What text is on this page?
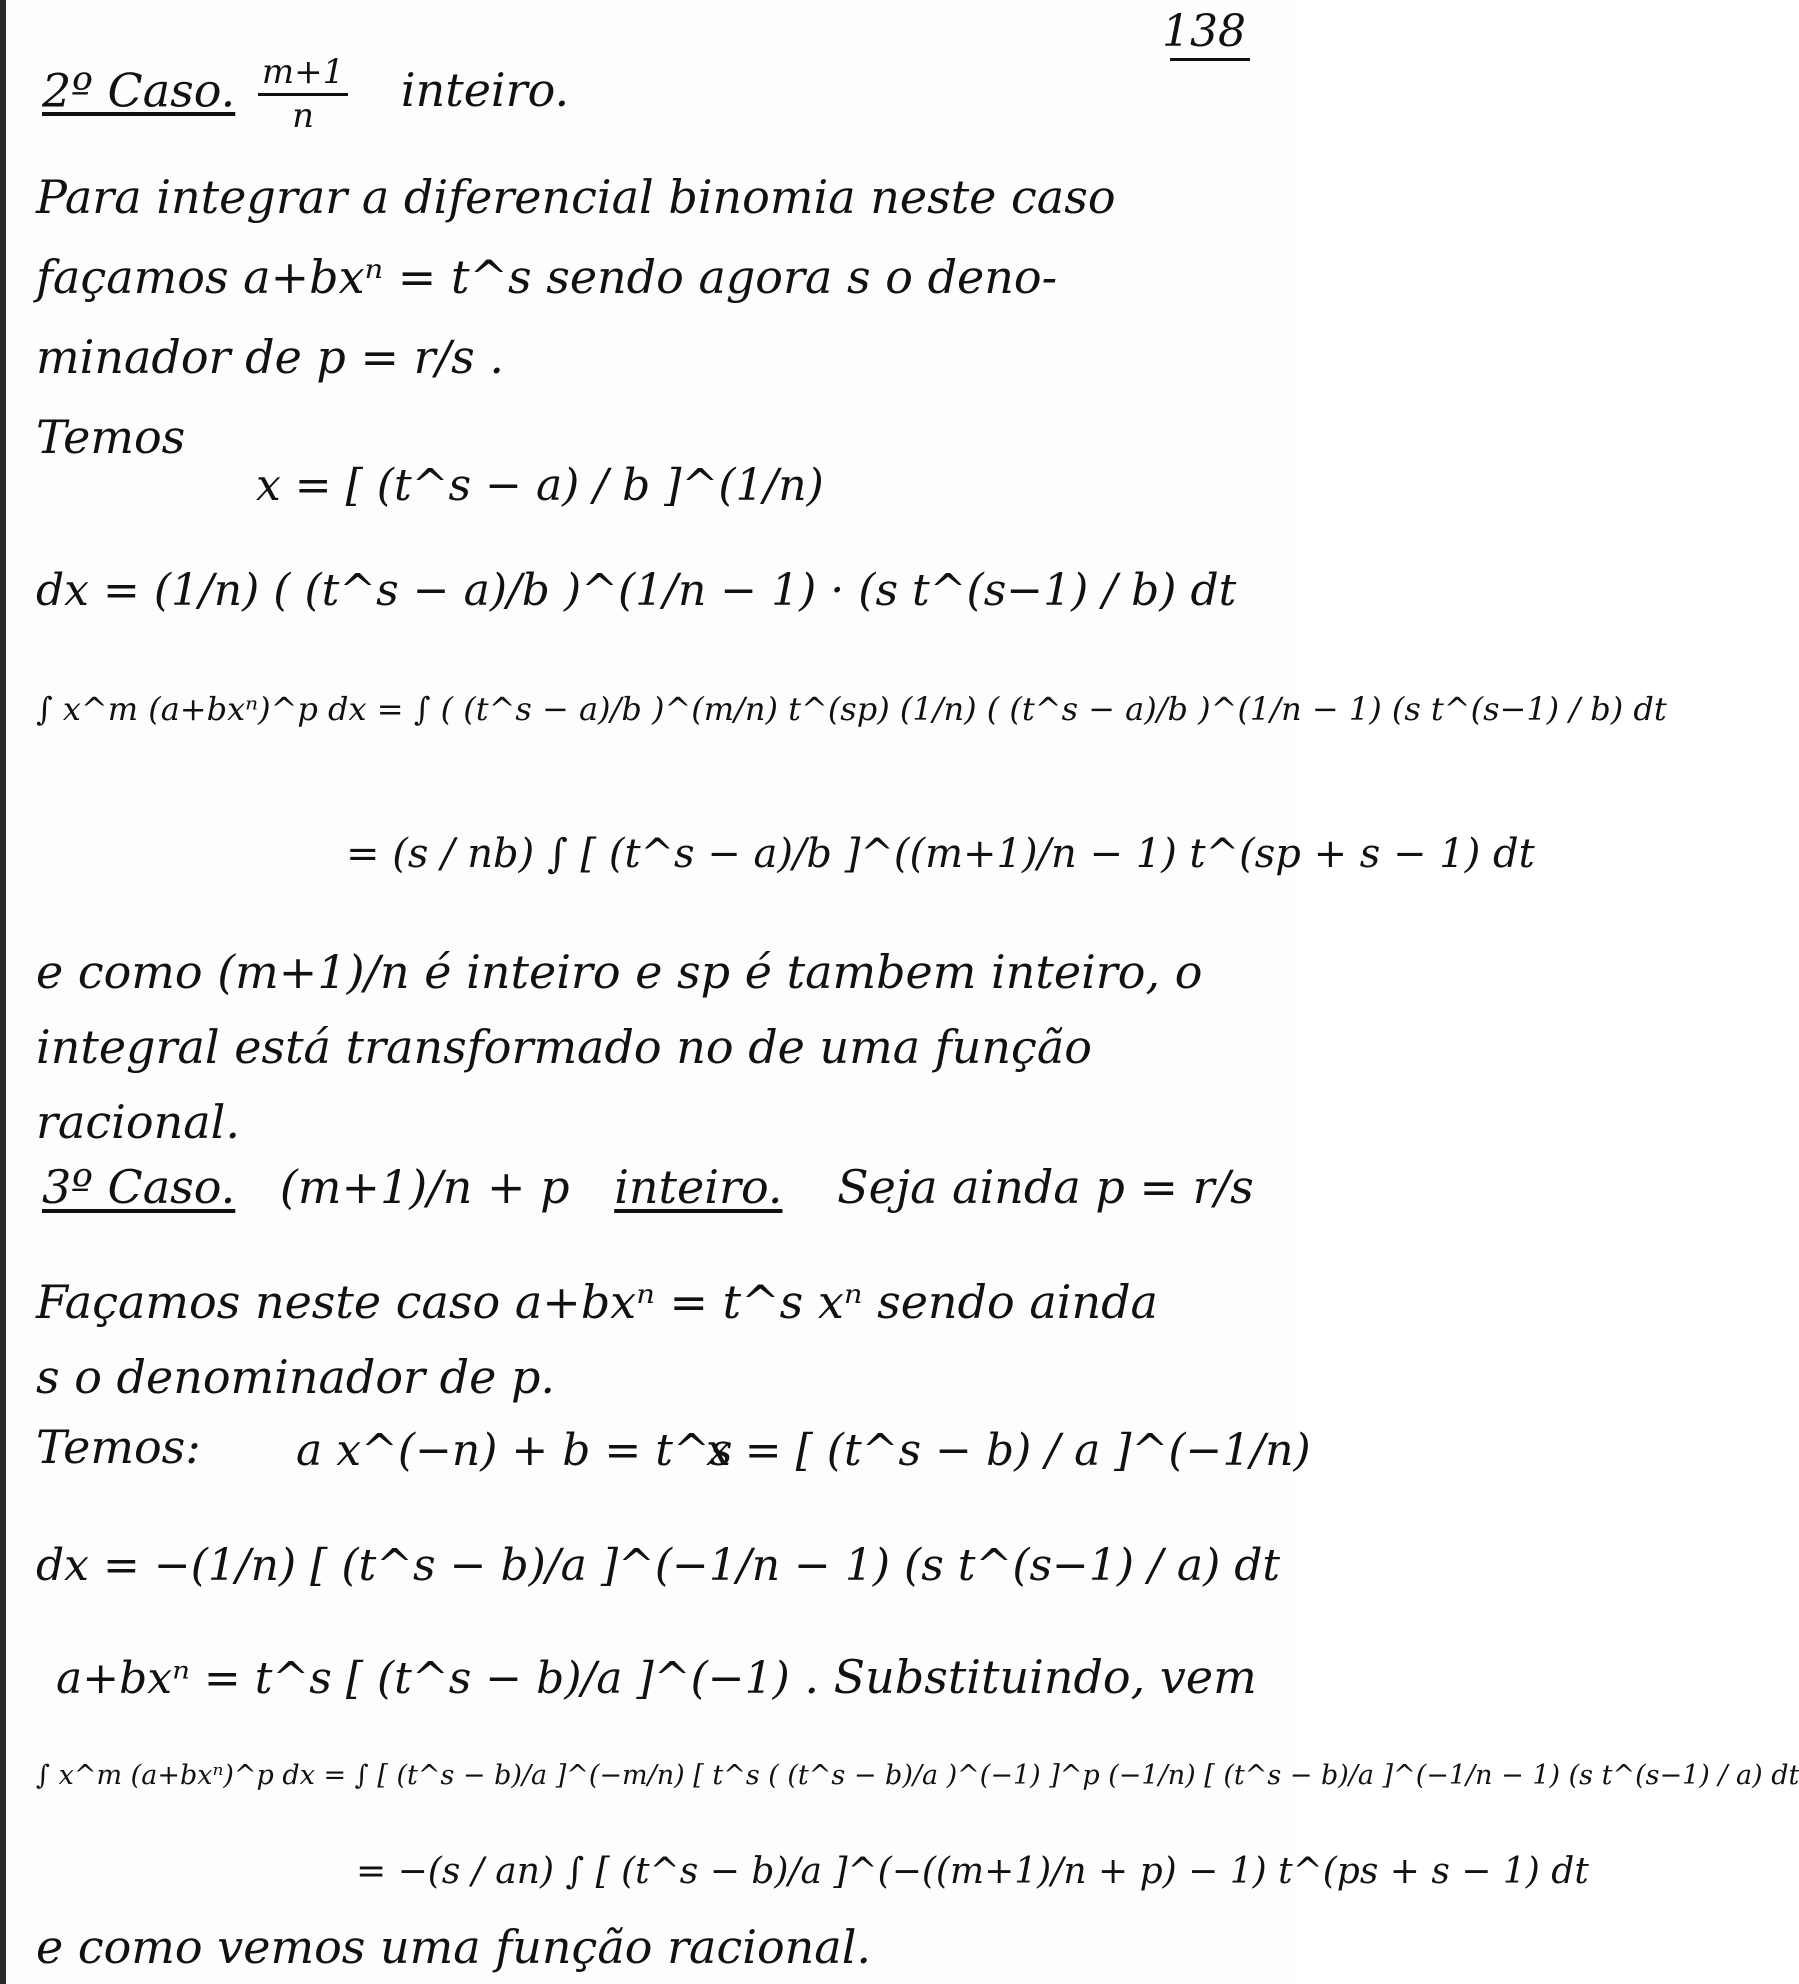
138
2º Caso. $\frac{m+1}{n}$ inteiro.
Para integrar a diferencial binomia neste caso
façamos a+bxⁿ = t^s sendo agora s o deno-
minador de p = r/s .
Temos
x = [ (t^s − a) / b ]^(1/n)
dx = (1/n) ( (t^s − a)/b )^(1/n − 1) · (s t^(s−1) / b) dt
∫ x^m (a+bxⁿ)^p dx = ∫ ( (t^s − a)/b )^(m/n) t^(sp) (1/n) ( (t^s − a)/b )^(1/n − 1) (s t^(s−1) / b) dt
= (s / nb) ∫ [ (t^s − a)/b ]^((m+1)/n − 1) t^(sp + s − 1) dt
e como (m+1)/n é inteiro e sp é tambem inteiro, o
integral está transformado no de uma função
racional.
3º Caso. (m+1)/n + p inteiro. Seja ainda p = r/s
Façamos neste caso a+bxⁿ = t^s xⁿ sendo ainda
s o denominador de p.
Temos: a x^(−n) + b = t^s
x = [ (t^s − b) / a ]^(−1/n)
dx = −(1/n) [ (t^s − b)/a ]^(−1/n − 1) (s t^(s−1) / a) dt
a+bxⁿ = t^s [ (t^s − b)/a ]^(−1) . Substituindo, vem
∫ x^m (a+bxⁿ)^p dx = ∫ [ (t^s − b)/a ]^(−m/n) [ t^s ( (t^s − b)/a )^(−1) ]^p (−1/n) [ (t^s − b)/a ]^(−1/n − 1) (s t^(s−1) / a) dt
= −(s / an) ∫ [ (t^s − b)/a ]^(−((m+1)/n + p) − 1) t^(ps + s − 1) dt
e como vemos uma função racional.
